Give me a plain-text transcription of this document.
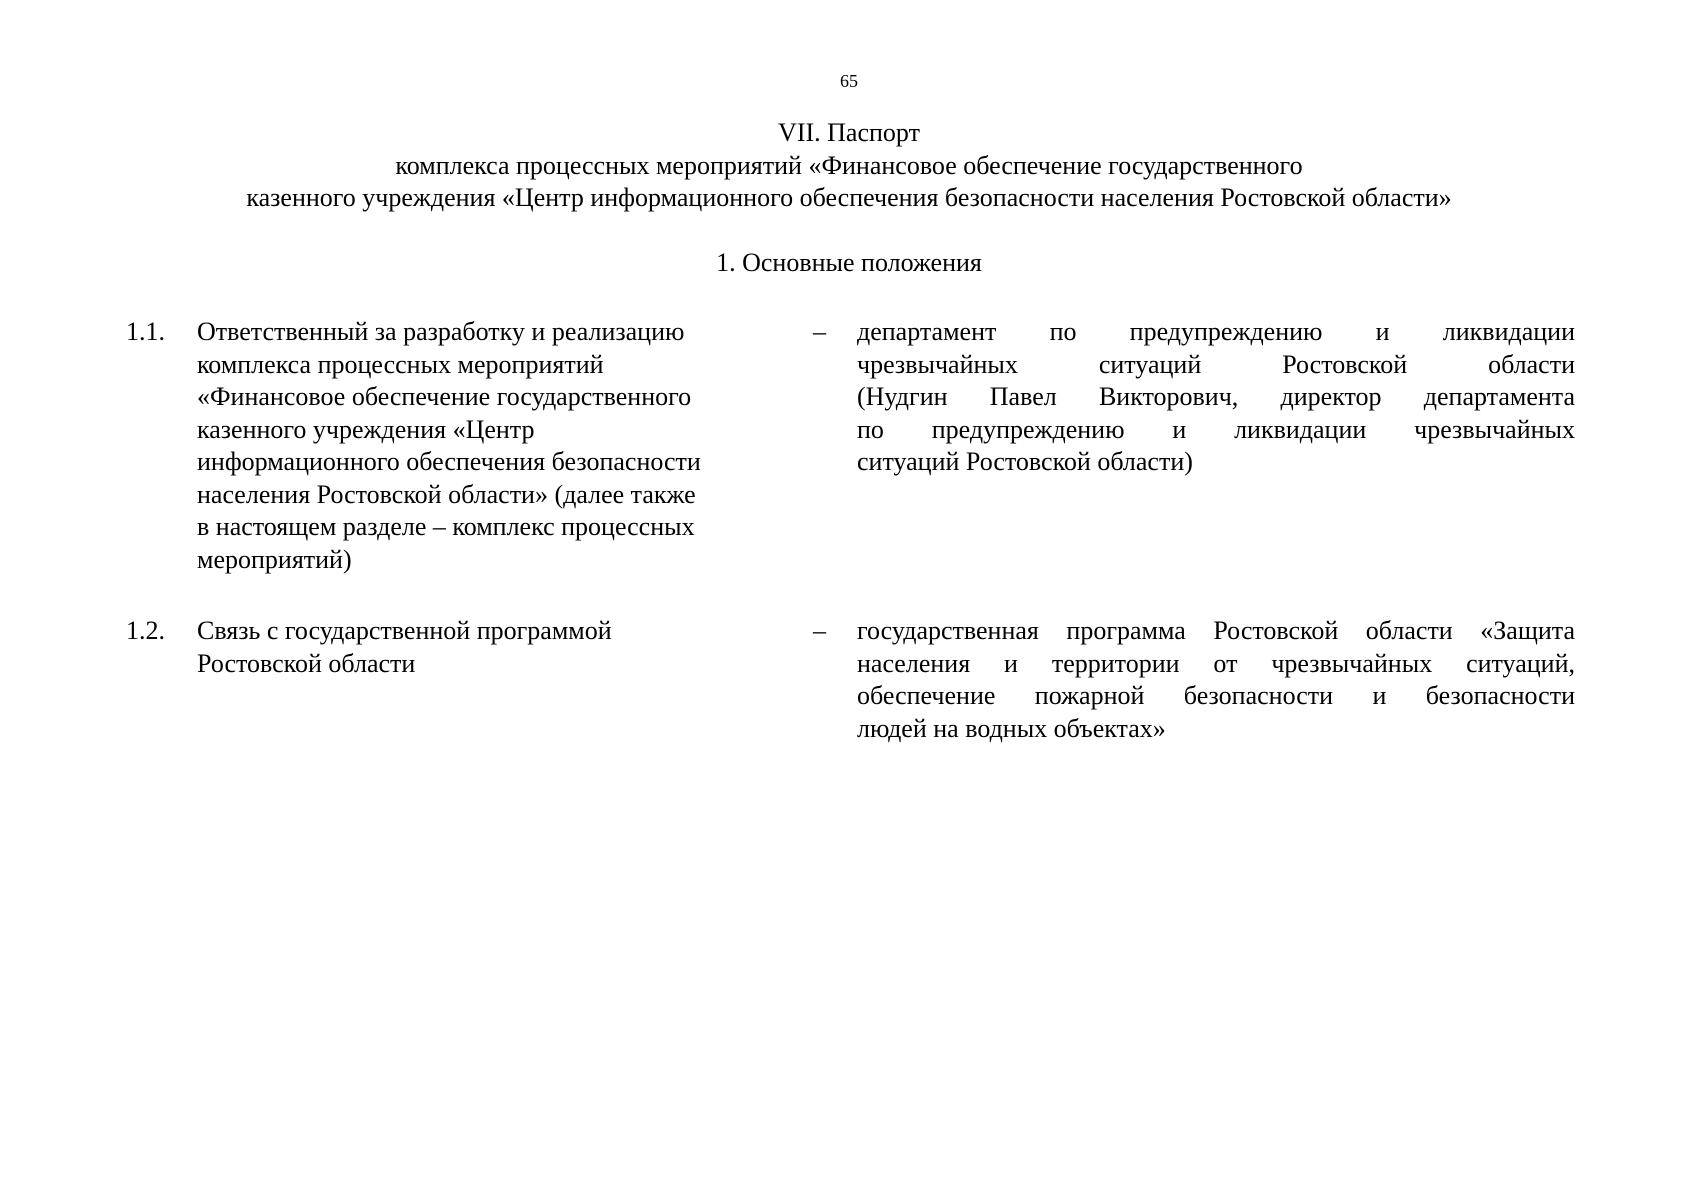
65
VII. Паспорт
комплекса процессных мероприятий «Финансовое обеспечение государственного
казенного учреждения «Центр информационного обеспечения безопасности населения Ростовской области»
1. Основные положения
1.1. Ответственный за разработку и реализацию
комплекса процессных мероприятий
«Финансовое обеспечение государственного
казенного учреждения «Центр
информационного обеспечения безопасности
населения Ростовской области» (далее также
в настоящем разделе – комплекс процессных
мероприятий)
– департамент по предупреждению и ликвидации
чрезвычайных ситуаций Ростовской области
(Нудгин Павел Викторович, директор департамента
по предупреждению и ликвидации чрезвычайных
ситуаций Ростовской области)
1.2. Связь с государственной программой
Ростовской области
– государственная программа Ростовской области «Защита
населения и территории от чрезвычайных ситуаций,
обеспечение пожарной безопасности и безопасности
людей на водных объектах»
